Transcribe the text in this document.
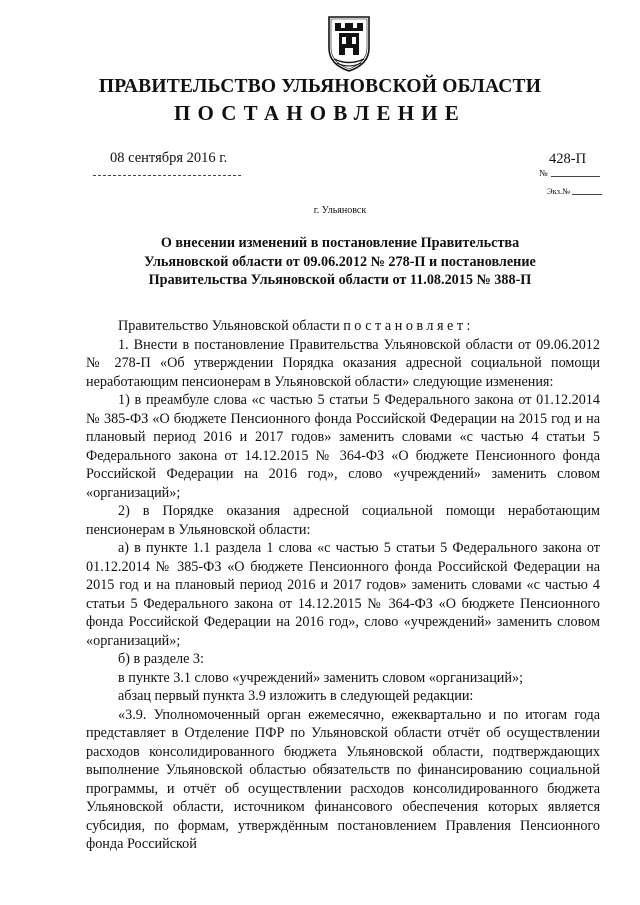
ПРАВИТЕЛЬСТВО УЛЬЯНОВСКОЙ ОБЛАСТИ
ПОСТАНОВЛЕНИЕ
08 сентября 2016 г.	428-П
№
Экз.№
г. Ульяновск
О внесении изменений в постановление Правительства
Ульяновской области от 09.06.2012 № 278-П и постановление
Правительства Ульяновской области от 11.08.2015 № 388-П

Правительство Ульяновской области постановляет:

1. Внести в постановление Правительства Ульяновской области от 09.06.2012 № 278-П «Об утверждении Порядка оказания адресной социальной помощи неработающим пенсионерам в Ульяновской области» следующие изменения:

1) в преамбуле слова «с частью 5 статьи 5 Федерального закона от 01.12.2014 № 385-ФЗ «О бюджете Пенсионного фонда Российской Федерации на 2015 год и на плановый период 2016 и 2017 годов» заменить словами «с частью 4 статьи 5 Федерального закона от 14.12.2015 № 364-ФЗ «О бюджете Пенсионного фонда Российской Федерации на 2016 год», слово «учреждений» заменить словом «организаций»;

2) в Порядке оказания адресной социальной помощи неработающим пенсионерам в Ульяновской области:

а) в пункте 1.1 раздела 1 слова «с частью 5 статьи 5 Федерального закона от 01.12.2014 № 385-ФЗ «О бюджете Пенсионного фонда Российской Федерации на 2015 год и на плановый период 2016 и 2017 годов» заменить словами «с частью 4 статьи 5 Федерального закона от 14.12.2015 № 364-ФЗ «О бюджете Пенсионного фонда Российской Федерации на 2016 год», слово «учреждений» заменить словом «организаций»;

б) в разделе 3:

в пункте 3.1 слово «учреждений» заменить словом «организаций»;

абзац первый пункта 3.9 изложить в следующей редакции:

«3.9. Уполномоченный орган ежемесячно, ежеквартально и по итогам года представляет в Отделение ПФР по Ульяновской области отчёт об осуществлении расходов консолидированного бюджета Ульяновской области, подтверждающих выполнение Ульяновской областью обязательств по финансированию социальной программы, и отчёт об осуществлении расходов консолидированного бюджета Ульяновской области, источником финансового обеспечения которых является субсидия, по формам, утверждённым постановлением Правления Пенсионного фонда Российской
